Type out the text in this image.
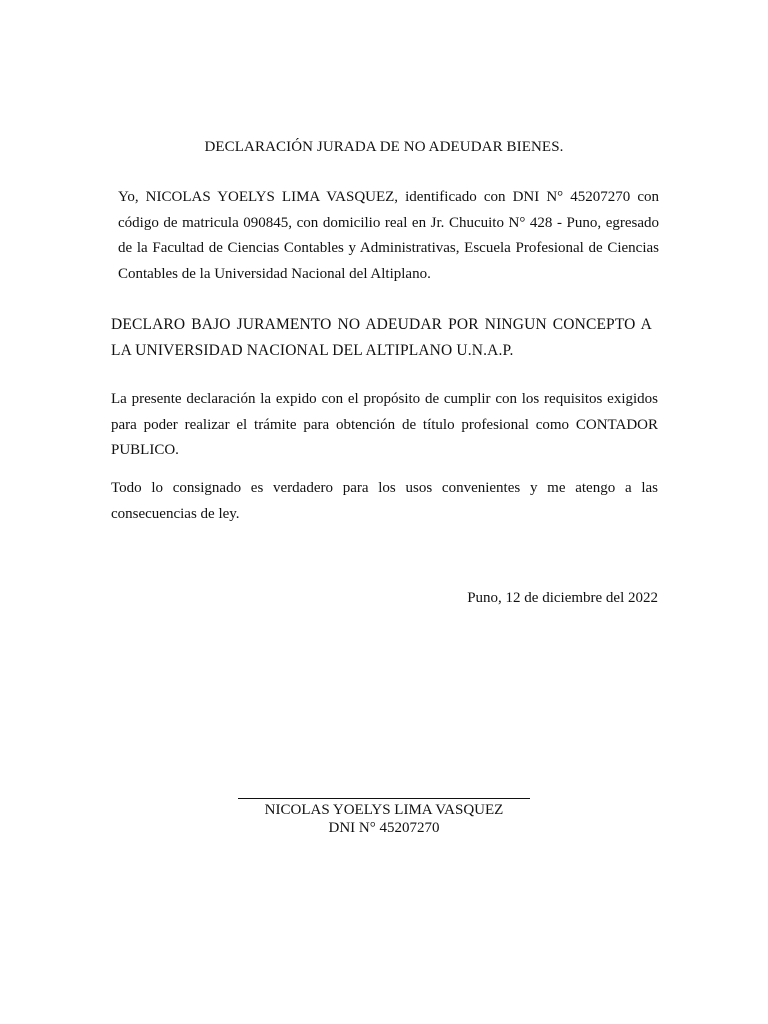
DECLARACIÓN JURADA DE NO ADEUDAR BIENES.
Yo, NICOLAS YOELYS LIMA VASQUEZ, identificado con DNI N° 45207270 con código de matricula 090845, con domicilio real en Jr. Chucuito N° 428 - Puno, egresado de la Facultad de Ciencias Contables y Administrativas, Escuela Profesional de Ciencias Contables de la Universidad Nacional del Altiplano.
DECLARO BAJO JURAMENTO NO ADEUDAR POR NINGUN CONCEPTO A LA UNIVERSIDAD NACIONAL DEL ALTIPLANO U.N.A.P.
La presente declaración la expido con el propósito de cumplir con los requisitos exigidos para poder realizar el trámite para obtención de título profesional como CONTADOR PUBLICO.
Todo lo consignado es verdadero para los usos convenientes y me atengo a las consecuencias de ley.
Puno, 12 de diciembre del 2022
NICOLAS YOELYS LIMA VASQUEZ
DNI N° 45207270
